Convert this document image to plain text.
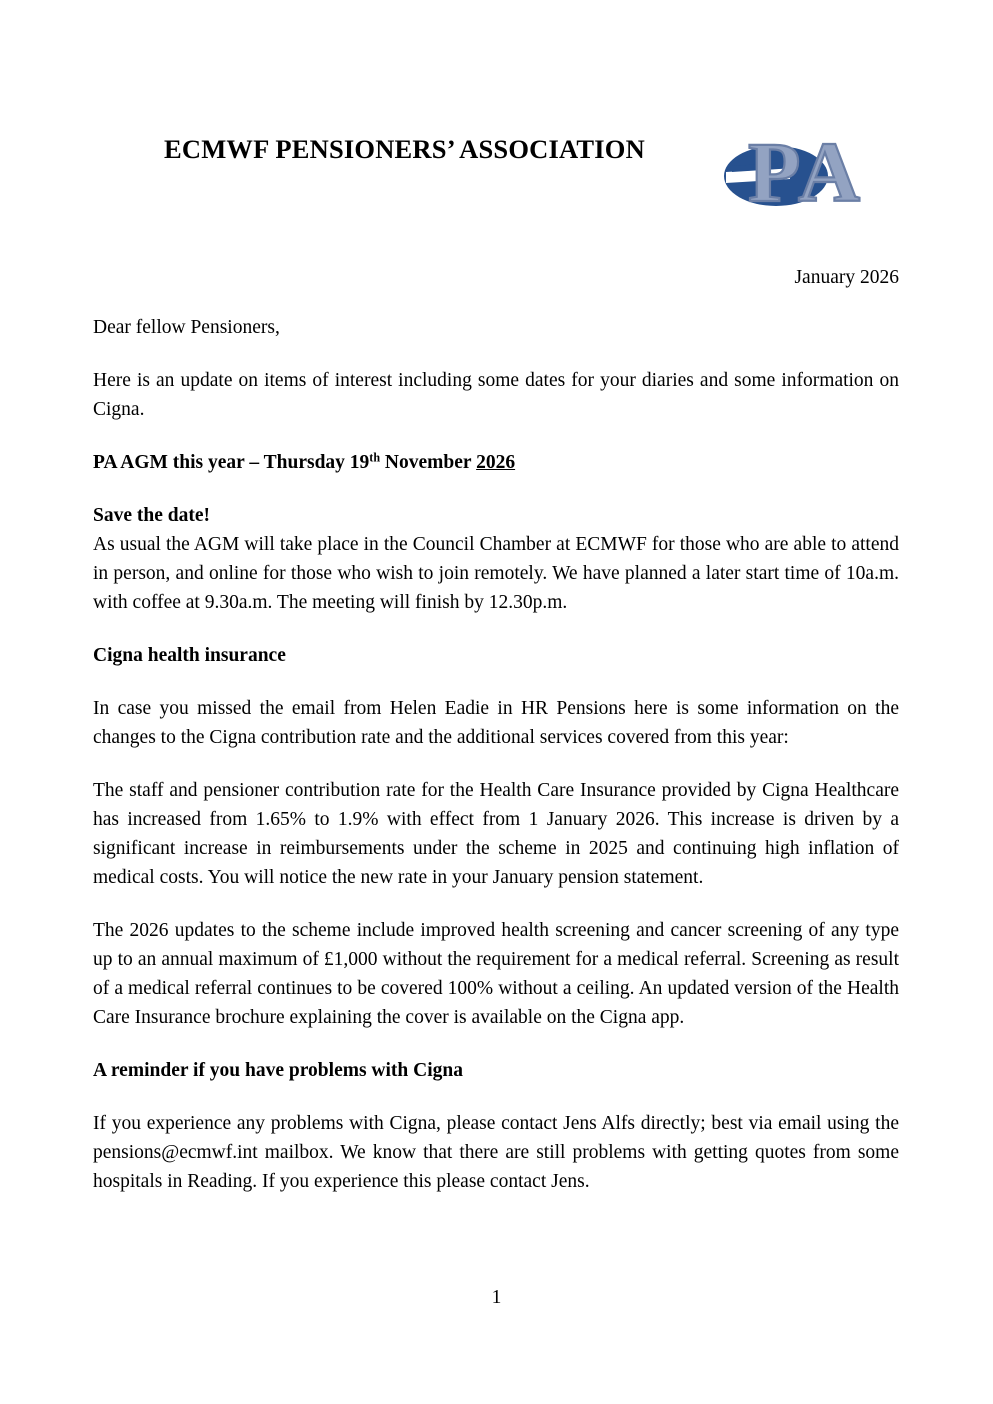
ECMWF PENSIONERS’ ASSOCIATION	P
A
January 2026

Dear fellow Pensioners,

Here is an update on items of interest including some dates for your diaries and some information on Cigna.

PA AGM this year – Thursday 19th November 2026

Save the date!

As usual the AGM will take place in the Council Chamber at ECMWF for those who are able to attend in person, and online for those who wish to join remotely. We have planned a later start time of 10a.m. with coffee at 9.30a.m. The meeting will finish by 12.30p.m.

Cigna health insurance

In case you missed the email from Helen Eadie in HR Pensions here is some information on the changes to the Cigna contribution rate and the additional services covered from this year:

The staff and pensioner contribution rate for the Health Care Insurance provided by Cigna Healthcare has increased from 1.65% to 1.9% with effect from 1 January 2026. This increase is driven by a significant increase in reimbursements under the scheme in 2025 and continuing high inflation of medical costs. You will notice the new rate in your January pension statement.

The 2026 updates to the scheme include improved health screening and cancer screening of any type up to an annual maximum of £1,000 without the requirement for a medical referral. Screening as result of a medical referral continues to be covered 100% without a ceiling. An updated version of the Health Care Insurance brochure explaining the cover is available on the Cigna app.

A reminder if you have problems with Cigna

If you experience any problems with Cigna, please contact Jens Alfs directly; best via email using the pensions@ecmwf.int mailbox. We know that there are still problems with getting quotes from some hospitals in Reading. If you experience this please contact Jens.

1
